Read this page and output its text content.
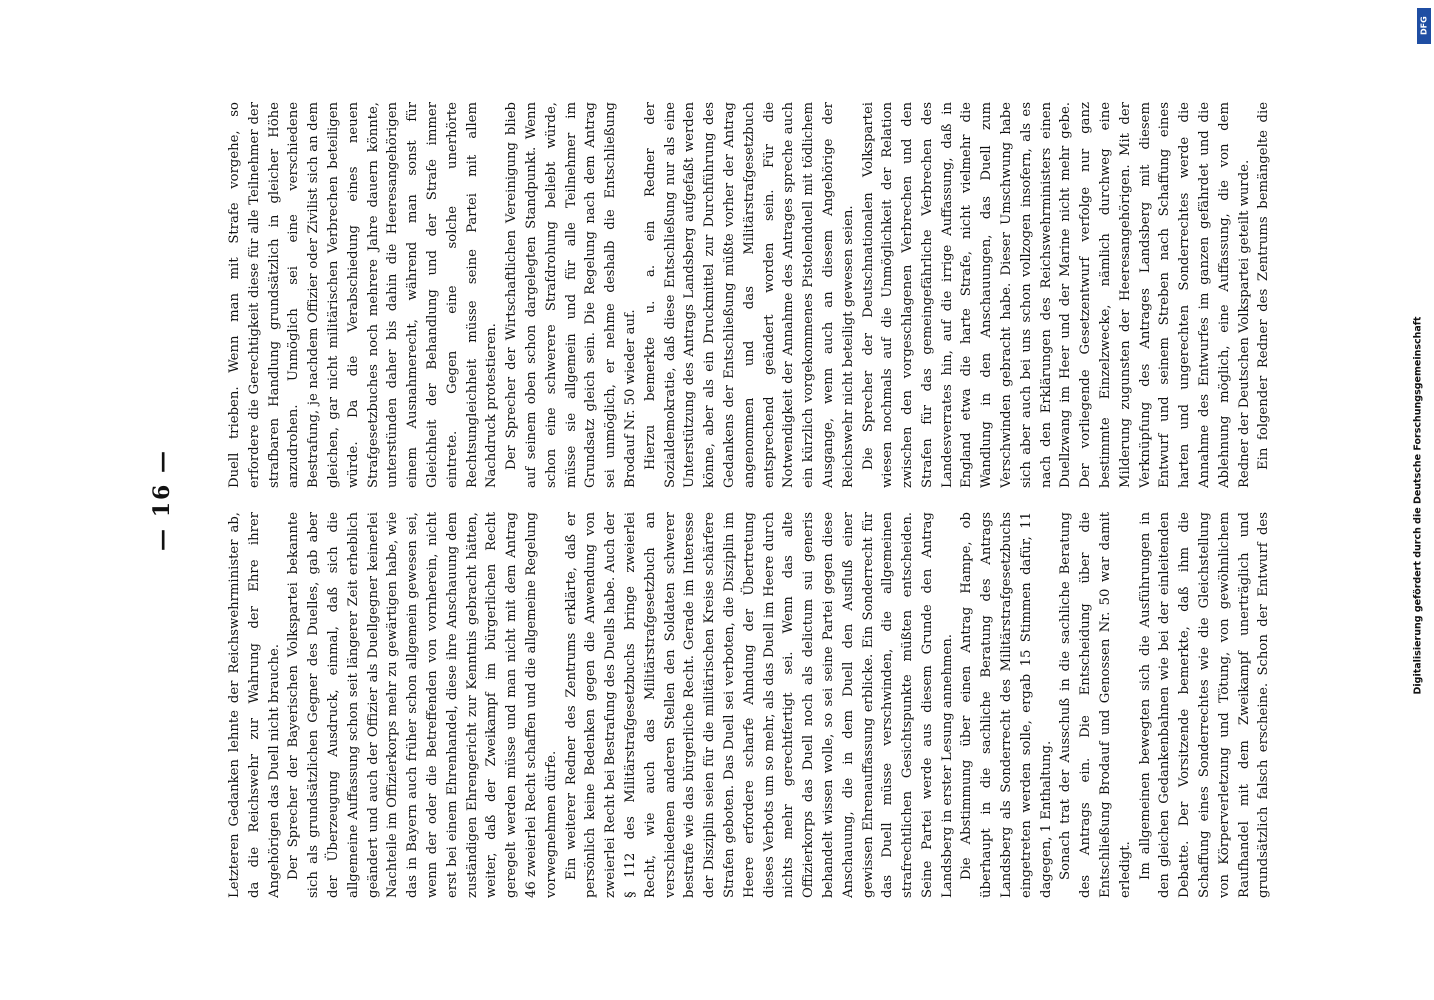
— 16 —

Letzteren Gedanken lehnte der Reichswehrminister ab, da die Reichswehr zur Wahrung der Ehre ihrer Angehörigen das Duell nicht brauche. Der Sprecher der Bayerischen Volkspartei bekannte sich als grundsätzlichen Gegner des Duelles, gab aber der Überzeugung Ausdruck, einmal, daß sich die allgemeine Auffassung schon seit längerer Zeit erheblich geändert und auch der Offizier als Duellgegner keinerlei Nachteile im Offizierkorps mehr zu gewärtigen habe, wie das in Bayern auch früher schon allgemein gewesen sei, wenn der oder die Betreffenden von vornherein, nicht erst bei einem Ehrenhandel, diese ihre Anschauung dem zuständigen Ehrengericht zur Kenntnis gebracht hätten, weiter, daß der Zweikampf im bürgerlichen Recht geregelt werden müsse und man nicht mit dem Antrag 46 zweierlei Recht schaffen und die allgemeine Regelung vorwegnehmen dürfe. Ein weiterer Redner des Zentrums erklärte, daß er persönlich keine Bedenken gegen die Anwendung von zweierlei Recht bei Bestrafung des Duells habe. Auch der § 112 des Militärstrafgesetzbuchs bringe zweierlei Recht, wie auch das Militärstrafgesetzbuch an verschiedenen anderen Stellen den Soldaten schwerer bestrafe wie das bürgerliche Recht. Gerade im Interesse der Disziplin seien für die militärischen Kreise schärfere Strafen geboten. Das Duell sei verboten, die Disziplin im Heere erfordere scharfe Ahndung der Übertretung dieses Verbots um so mehr, als das Duell im Heere durch nichts mehr gerechtfertigt sei. Wenn das alte Offizierkorps das Duell noch als delictum sui generis behandelt wissen wolle, so sei seine Partei gegen diese Anschauung, die in dem Duell den Ausfluß einer gewissen Ehrenauffassung erblicke. Ein Sonderrecht für das Duell müsse verschwinden, die allgemeinen strafrechtlichen Gesichtspunkte müßten entscheiden. Seine Partei werde aus diesem Grunde den Antrag Landsberg in erster Lesung annehmen. Die Abstimmung über einen Antrag Hampe, ob überhaupt in die sachliche Beratung des Antrags Landsberg als Sonderrecht des Militärstrafgesetzbuchs eingetreten werden solle, ergab 15 Stimmen dafür, 11 dagegen, 1 Enthaltung. Sonach trat der Ausschuß in die sachliche Beratung des Antrags ein. Die Entscheidung über die Entschließung Brodauf und Genossen Nr. 50 war damit erledigt. Im allgemeinen bewegten sich die Ausführungen in den gleichen Gedankenbahnen wie bei der einleitenden Debatte. Der Vorsitzende bemerkte, daß ihm die Schaffung eines Sonderrechtes wie die Gleichstellung von Körperverletzung und Tötung, von gewöhnlichem Raufhandel mit dem Zweikampf unerträglich und grundsätzlich falsch erscheine. Schon der Entwurf des

Duell trieben. Wenn man mit Strafe vorgehe, so erfordere die Gerechtigkeit diese für alle Teilnehmer der strafbaren Handlung grundsätzlich in gleicher Höhe anzudrohen. Unmöglich sei eine verschiedene Bestrafung, je nachdem Offizier oder Zivilist sich an dem gleichen, gar nicht militärischen Verbrechen beteiligen würde. Da die Verabschiedung eines neuen Strafgesetzbuches noch mehrere Jahre dauern könnte, unterstünden daher bis dahin die Heeresangehörigen einem Ausnahmerecht, während man sonst für Gleichheit der Behandlung und der Strafe immer eintrete. Gegen eine solche unerhörte Rechtsungleichheit müsse seine Partei mit allem Nachdruck protestieren. Der Sprecher der Wirtschaftlichen Vereinigung blieb auf seinem oben schon dargelegten Standpunkt. Wenn schon eine schwerere Strafdrohung beliebt würde, müsse sie allgemein und für alle Teilnehmer im Grundsatz gleich sein. Die Regelung nach dem Antrag sei unmöglich, er nehme deshalb die Entschließung Brodauf Nr. 50 wieder auf. Hierzu bemerkte u. a. ein Redner der Sozialdemokratie, daß diese Entschließung nur als eine Unterstützung des Antrags Landsberg aufgefaßt werden könne, aber als ein Druckmittel zur Durchführung des Gedankens der Entschließung müßte vorher der Antrag angenommen und das Militärstrafgesetzbuch entsprechend geändert worden sein. Für die Notwendigkeit der Annahme des Antrages spreche auch ein kürzlich vorgekommenes Pistolenduell mit tödlichem Ausgange, wenn auch an diesem Angehörige der Reichswehr nicht beteiligt gewesen seien. Die Sprecher der Deutschnationalen Volkspartei wiesen nochmals auf die Unmöglichkeit der Relation zwischen den vorgeschlagenen Verbrechen und den Strafen für das gemeingefährliche Verbrechen des Landesverrates hin, auf die irrige Auffassung, daß in England etwa die harte Strafe, nicht vielmehr die Wandlung in den Anschauungen, das Duell zum Verschwinden gebracht habe. Dieser Umschwung habe sich aber auch bei uns schon vollzogen insofern, als es nach den Erklärungen des Reichswehrministers einen Duellzwang im Heer und der Marine nicht mehr gebe. Der vorliegende Gesetzentwurf verfolge nur ganz bestimmte Einzelzwecke, nämlich durchweg eine Milderung zugunsten der Heeresangehörigen. Mit der Verknüpfung des Antrages Landsberg mit diesem Entwurf und seinem Streben nach Schaffung eines harten und ungerechten Sonderrechtes werde die Annahme des Entwurfes im ganzen gefährdet und die Ablehnung möglich, eine Auffassung, die von dem Redner der Deutschen Volkspartei geteilt wurde. Ein folgender Redner des Zentrums bemängelte die

DFG
Digitalisierung gefördert durch die Deutsche Forschungsgemeinschaft
